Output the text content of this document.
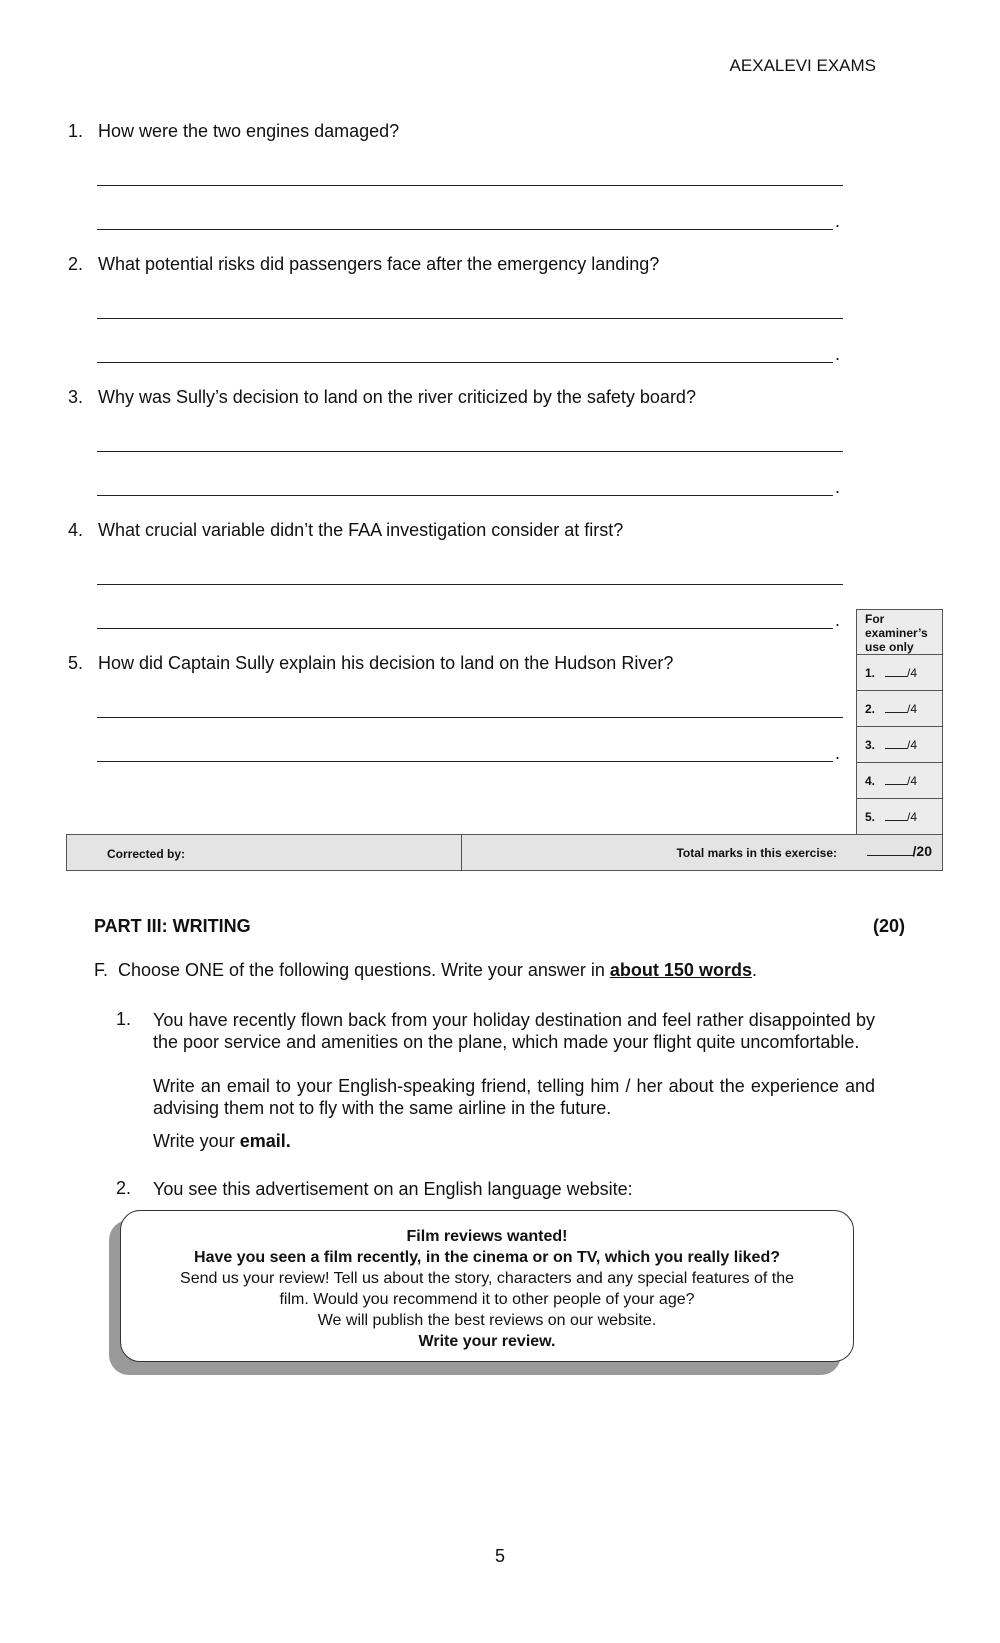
AEXALEVI EXAMS
1. How were the two engines damaged?
.
2. What potential risks did passengers face after the emergency landing?
.
3. Why was Sully’s decision to land on the river criticized by the safety board?
.
4. What crucial variable didn’t the FAA investigation consider at first?
.
5. How did Captain Sully explain his decision to land on the Hudson River?
.
For examiner’s use only
1.	/4
2.	/4
3.	/4
4.	/4
5.	/4
Corrected by:	Total marks in this exercise:	/20
PART III: WRITING	(20)
F.  Choose ONE of the following questions. Write your answer in about 150 words.
1. You have recently flown back from your holiday destination and feel rather disappointed by the poor service and amenities on the plane, which made your flight quite uncomfortable.
Write an email to your English-speaking friend, telling him / her about the experience and advising them not to fly with the same airline in the future.
Write your email.
2. You see this advertisement on an English language website:
Film reviews wanted!
Have you seen a film recently, in the cinema or on TV, which you really liked?
Send us your review! Tell us about the story, characters and any special features of the
film. Would you recommend it to other people of your age?
We will publish the best reviews on our website.
Write your review.
5
